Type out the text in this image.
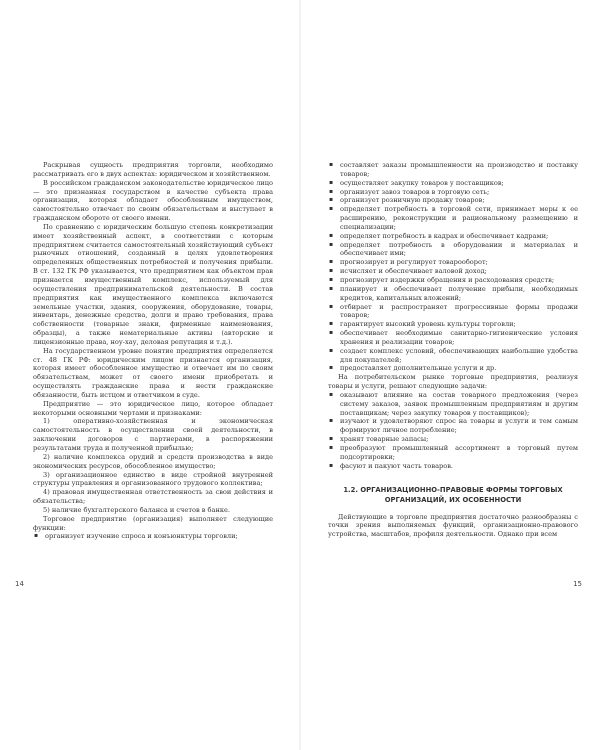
Раскрывая сущность предприятия торговли, необходимо рассматривать его в двух аспектах: юридическом и хозяйственном.

В российском гражданском законодательстве юридическое лицо — это признанная государством в качестве субъекта права организация, которая обладает обособленным имуществом, самостоятельно отвечает по своим обязательствам и выступает в гражданском обороте от своего имени.

По сравнению с юридическим большую степень конкретизации имеет хозяйственный аспект, в соответствии с которым предприятием считается самостоятельный хозяйствующий субъект рыночных отношений, созданный в целях удовлетворения определенных общественных потребностей и получения прибыли. В ст. 132 ГК РФ указывается, что предприятием как объектом прав признается имущественный комплекс, используемый для осуществления предпринимательской деятельности. В состав предприятия как имущественного комплекса включаются земельные участки, здания, сооружения, оборудование, товары, инвентарь, денежные средства, долги и право требования, права собственности (товарные знаки, фирменные наименования, образцы), а также нематериальные активы (авторские и лицензионные права, ноу-хау, деловая репутация и т.д.).

На государственном уровне понятие предприятия определяется ст. 48 ГК РФ: юридическим лицом признается организация, которая имеет обособленное имущество и отвечает им по своим обязательствам, может от своего имени приобретать и осуществлять гражданские права и нести гражданские обязанности, быть истцом и ответчиком в суде.

Предприятие — это юридическое лицо, которое обладает некоторыми основными чертами и признаками:

1) оперативно-хозяйственная и экономическая самостоятельность в осуществлении своей деятельности, в заключении договоров с партнерами, в распоряжении результатами труда и полученной прибылью;

2) наличие комплекса орудий и средств производства в виде экономических ресурсов, обособленное имущество;

3) организационное единство в виде стройной внутренней структуры управления и организованного трудового коллектива;

4) правовая имущественная ответственность за свои действия и обязательства;

5) наличие бухгалтерского баланса и счетов в банке.

Торговое предприятие (организация) выполняет следующие функции:

▪ организует изучение спроса и конъюнктуры торговли;

14

▪ составляет заказы промышленности на производство и поставку товаров;

▪ осуществляет закупку товаров у поставщиков;

▪ организует завоз товаров в торговую сеть;

▪ организует розничную продажу товаров;

▪ определяет потребность в торговой сети, принимает меры к ее расширению, реконструкции и рациональному размещению и специализации;

▪ определяет потребность в кадрах и обеспечивает кадрами;

▪ определяет потребность в оборудовании и материалах и обеспечивает ими;

▪ прогнозирует и регулирует товарооборот;

▪ исчисляет и обеспечивает валовой доход;

▪ прогнозирует издержки обращения и расходования средств;

▪ планирует и обеспечивает получение прибыли, необходимых кредитов, капитальных вложений;

▪ отбирает и распространяет прогрессивные формы продажи товаров;

▪ гарантирует высокий уровень культуры торговли;

▪ обеспечивает необходимые санитарно-гигиенические условия хранения и реализации товаров;

▪ создает комплекс условий, обеспечивающих наибольшие удобства для покупателей;

▪ предоставляет дополнительные услуги и др.

На потребительском рынке торговые предприятия, реализуя товары и услуги, решают следующие задачи:

▪ оказывают влияние на состав товарного предложения (через систему заказов, заявок промышленным предприятиям и другим поставщикам; через закупку товаров у поставщиков);

▪ изучают и удовлетворяют спрос на товары и услуги и тем самым формируют личное потребление;

▪ хранят товарные запасы;

▪ преобразуют промышленный ассортимент в торговый путем подсортировки;

▪ фасуют и пакуют часть товаров.

1.2. ОРГАНИЗАЦИОННО-ПРАВОВЫЕ ФОРМЫ ТОРГОВЫХ
ОРГАНИЗАЦИЙ, ИХ ОСОБЕННОСТИ

Действующие в торговле предприятия достаточно разнообразны с точки зрения выполняемых функций, организационно-правового устройства, масштабов, профиля деятельности. Однако при всем

15
